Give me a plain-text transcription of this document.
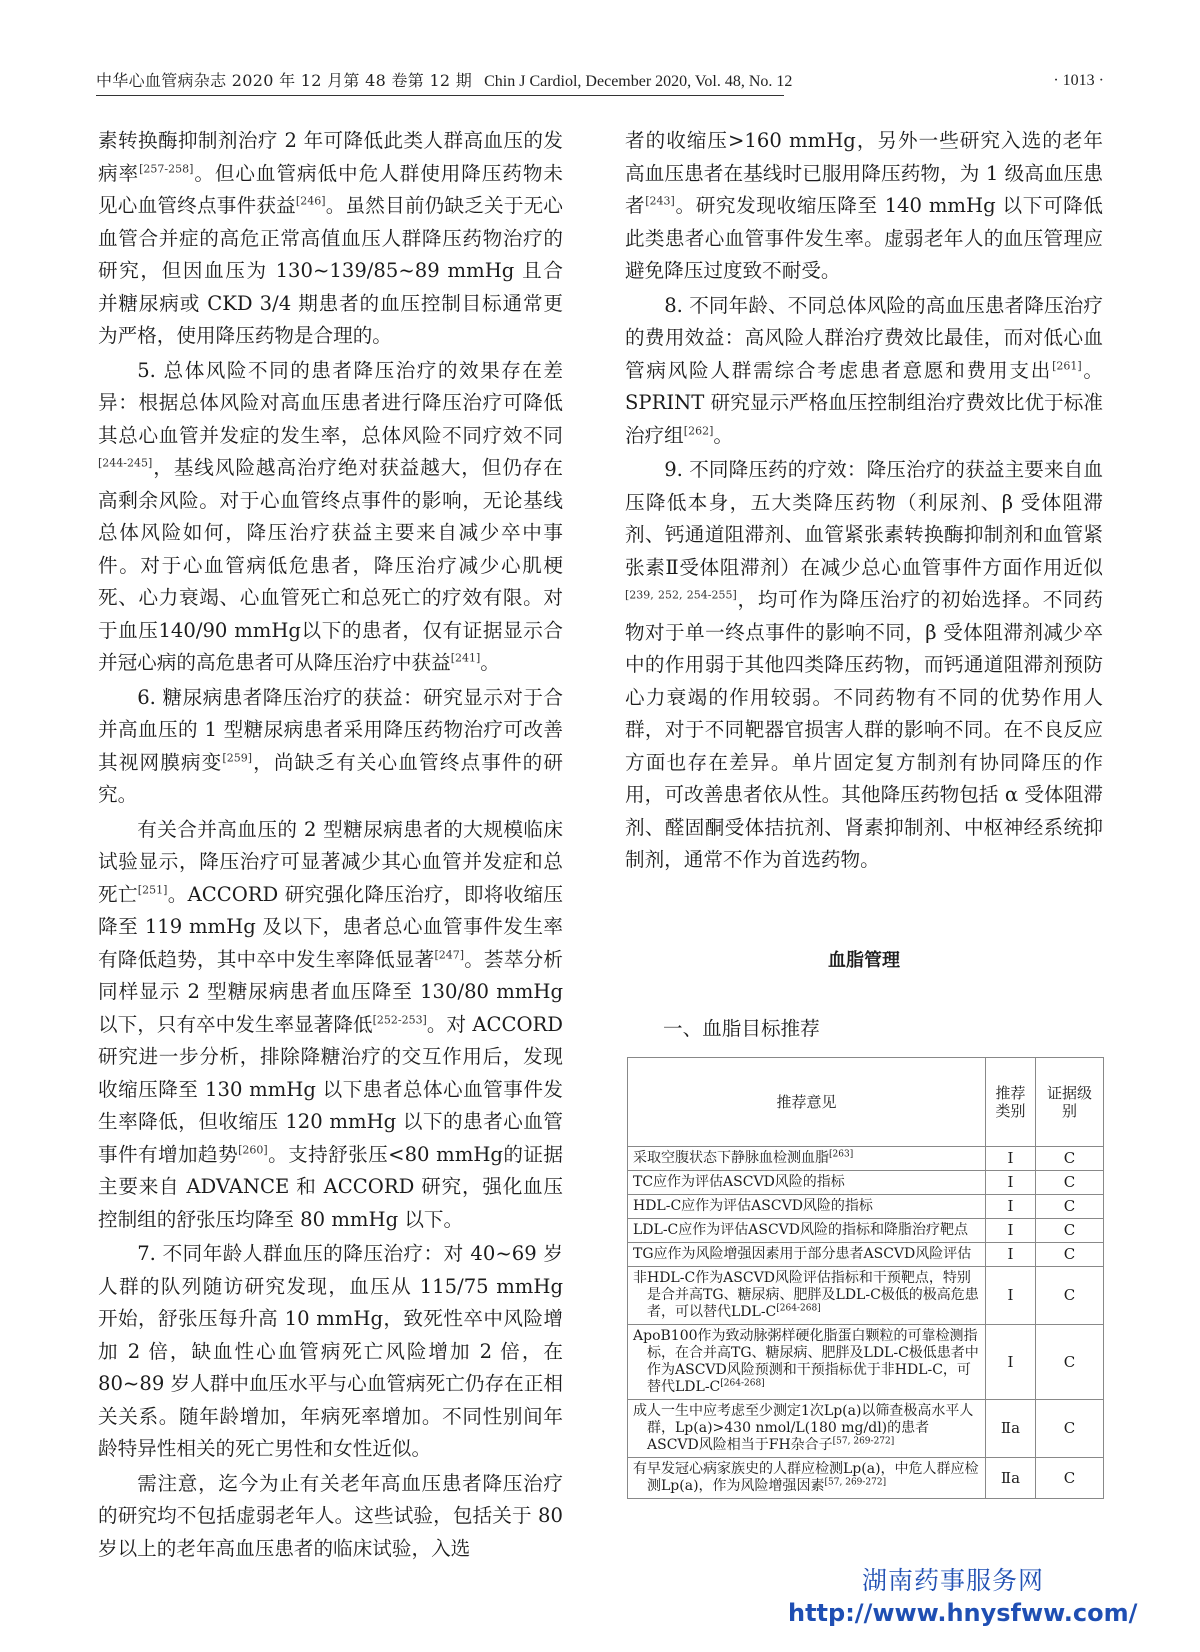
中华心血管病杂志 2020 年 12 月第 48 卷第 12 期 Chin J Cardiol, December 2020, Vol. 48, No. 12	· 1013 ·

素转换酶抑制剂治疗 2 年可降低此类人群高血压的发病率[257-258]。但心血管病低中危人群使用降压药物未见心血管终点事件获益[246]。虽然目前仍缺乏关于无心血管合并症的高危正常高值血压人群降压药物治疗的研究，但因血压为 130~139/85~89 mmHg 且合并糖尿病或 CKD 3/4 期患者的血压控制目标通常更为严格，使用降压药物是合理的。

5. 总体风险不同的患者降压治疗的效果存在差异：根据总体风险对高血压患者进行降压治疗可降低其总心血管并发症的发生率，总体风险不同疗效不同[244-245]，基线风险越高治疗绝对获益越大，但仍存在高剩余风险。对于心血管终点事件的影响，无论基线总体风险如何，降压治疗获益主要来自减少卒中事件。对于心血管病低危患者，降压治疗减少心肌梗死、心力衰竭、心血管死亡和总死亡的疗效有限。对于血压140/90 mmHg以下的患者，仅有证据显示合并冠心病的高危患者可从降压治疗中获益[241]。

6. 糖尿病患者降压治疗的获益：研究显示对于合并高血压的 1 型糖尿病患者采用降压药物治疗可改善其视网膜病变[259]，尚缺乏有关心血管终点事件的研究。

有关合并高血压的 2 型糖尿病患者的大规模临床试验显示，降压治疗可显著减少其心血管并发症和总死亡[251]。ACCORD 研究强化降压治疗，即将收缩压降至 119 mmHg 及以下，患者总心血管事件发生率有降低趋势，其中卒中发生率降低显著[247]。荟萃分析同样显示 2 型糖尿病患者血压降至 130/80 mmHg 以下，只有卒中发生率显著降低[252-253]。对 ACCORD 研究进一步分析，排除降糖治疗的交互作用后，发现收缩压降至 130 mmHg 以下患者总体心血管事件发生率降低，但收缩压 120 mmHg 以下的患者心血管事件有增加趋势[260]。支持舒张压<80 mmHg的证据主要来自 ADVANCE 和 ACCORD 研究，强化血压控制组的舒张压均降至 80 mmHg 以下。

7. 不同年龄人群血压的降压治疗：对 40~69 岁人群的队列随访研究发现，血压从 115/75 mmHg 开始，舒张压每升高 10 mmHg，致死性卒中风险增加 2 倍，缺血性心血管病死亡风险增加 2 倍，在 80~89 岁人群中血压水平与心血管病死亡仍存在正相关关系。随年龄增加，年病死率增加。不同性别间年龄特异性相关的死亡男性和女性近似。

需注意，迄今为止有关老年高血压患者降压治疗的研究均不包括虚弱老年人。这些试验，包括关于 80 岁以上的老年高血压患者的临床试验，入选

者的收缩压>160 mmHg，另外一些研究入选的老年高血压患者在基线时已服用降压药物，为 1 级高血压患者[243]。研究发现收缩压降至 140 mmHg 以下可降低此类患者心血管事件发生率。虚弱老年人的血压管理应避免降压过度致不耐受。

8. 不同年龄、不同总体风险的高血压患者降压治疗的费用效益：高风险人群治疗费效比最佳，而对低心血管病风险人群需综合考虑患者意愿和费用支出[261]。SPRINT 研究显示严格血压控制组治疗费效比优于标准治疗组[262]。

9. 不同降压药的疗效：降压治疗的获益主要来自血压降低本身，五大类降压药物（利尿剂、β 受体阻滞剂、钙通道阻滞剂、血管紧张素转换酶抑制剂和血管紧张素Ⅱ受体阻滞剂）在减少总心血管事件方面作用近似[239, 252, 254-255]，均可作为降压治疗的初始选择。不同药物对于单一终点事件的影响不同，β 受体阻滞剂减少卒中的作用弱于其他四类降压药物，而钙通道阻滞剂预防心力衰竭的作用较弱。不同药物有不同的优势作用人群，对于不同靶器官损害人群的影响不同。在不良反应方面也存在差异。单片固定复方制剂有协同降压的作用，可改善患者依从性。其他降压药物包括 α 受体阻滞剂、醛固酮受体拮抗剂、肾素抑制剂、中枢神经系统抑制剂，通常不作为首选药物。

血脂管理
一、血脂目标推荐
推荐意见	推荐类别	证据级别

采取空腹状态下静脉血检测血脂[263]	Ⅰ	C

TC应作为评估ASCVD风险的指标	Ⅰ	C

HDL-C应作为评估ASCVD风险的指标	Ⅰ	C

LDL-C应作为评估ASCVD风险的指标和降脂治疗靶点	Ⅰ	C

TG应作为风险增强因素用于部分患者ASCVD风险评估	Ⅰ	C

非HDL-C作为ASCVD风险评估指标和干预靶点，特别是合并高TG、糖尿病、肥胖及LDL-C极低的极高危患者，可以替代LDL-C[264-268]	Ⅰ	C

ApoB100作为致动脉粥样硬化脂蛋白颗粒的可靠检测指标，在合并高TG、糖尿病、肥胖及LDL-C极低患者中作为ASCVD风险预测和干预指标优于非HDL-C，可替代LDL-C[264-268]	Ⅰ	C

成人一生中应考虑至少测定1次Lp(a)以筛查极高水平人群，Lp(a)>430 nmol/L(180 mg/dl)的患者ASCVD风险相当于FH杂合子[57, 269-272]	Ⅱa	C

有早发冠心病家族史的人群应检测Lp(a)，中危人群应检测Lp(a)，作为风险增强因素[57, 269-272]	Ⅱa	C
湖南药事服务网
http://www.hnysfww.com/
